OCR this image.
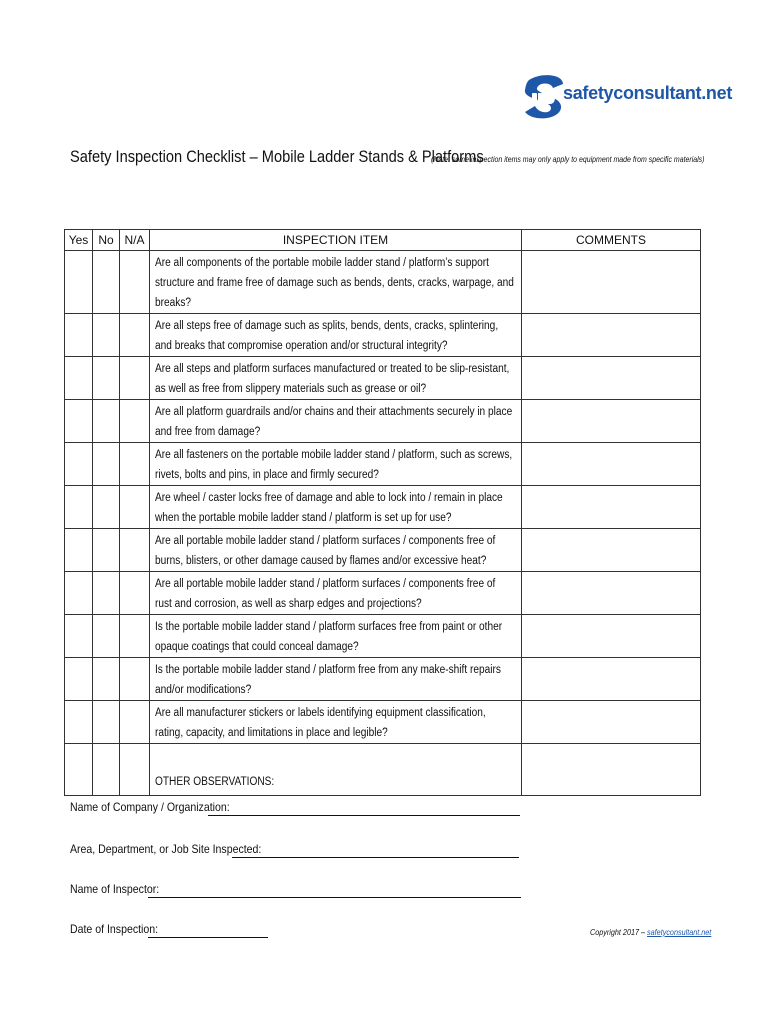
safetyconsultant.net
Safety Inspection Checklist – Mobile Ladder Stands & Platforms
(Note: some inspection items may only apply to equipment made from specific materials)
Yes	No	N/A	INSPECTION ITEM	COMMENTS

			Are all components of the portable mobile ladder stand / platform’s support structure and frame free of damage such as bends, dents, cracks, warpage, and breaks?	

			Are all steps free of damage such as splits, bends, dents, cracks, splintering, and breaks that compromise operation and/or structural integrity?	

			Are all steps and platform surfaces manufactured or treated to be slip-resistant, as well as free from slippery materials such as grease or oil?	

			Are all platform guardrails and/or chains and their attachments securely in place and free from damage?	

			Are all fasteners on the portable mobile ladder stand / platform, such as screws, rivets, bolts and pins, in place and firmly secured?	

			Are wheel / caster locks free of damage and able to lock into / remain in place when the portable mobile ladder stand / platform is set up for use?	

			Are all portable mobile ladder stand / platform surfaces / components free of burns, blisters, or other damage caused by flames and/or excessive heat?	

			Are all portable mobile ladder stand / platform surfaces / components free of rust and corrosion, as well as sharp edges and projections?	

			Is the portable mobile ladder stand / platform surfaces free from paint or other opaque coatings that could conceal damage?	

			Is the portable mobile ladder stand / platform free from any make-shift repairs and/or modifications?	

			Are all manufacturer stickers or labels identifying equipment classification, rating, capacity, and limitations in place and legible?	

			OTHER OBSERVATIONS:	

Name of Company / Organization:
Area, Department, or Job Site Inspected:
Name of Inspector:
Date of Inspection:	Copyright 2017 – safetyconsultant.net
